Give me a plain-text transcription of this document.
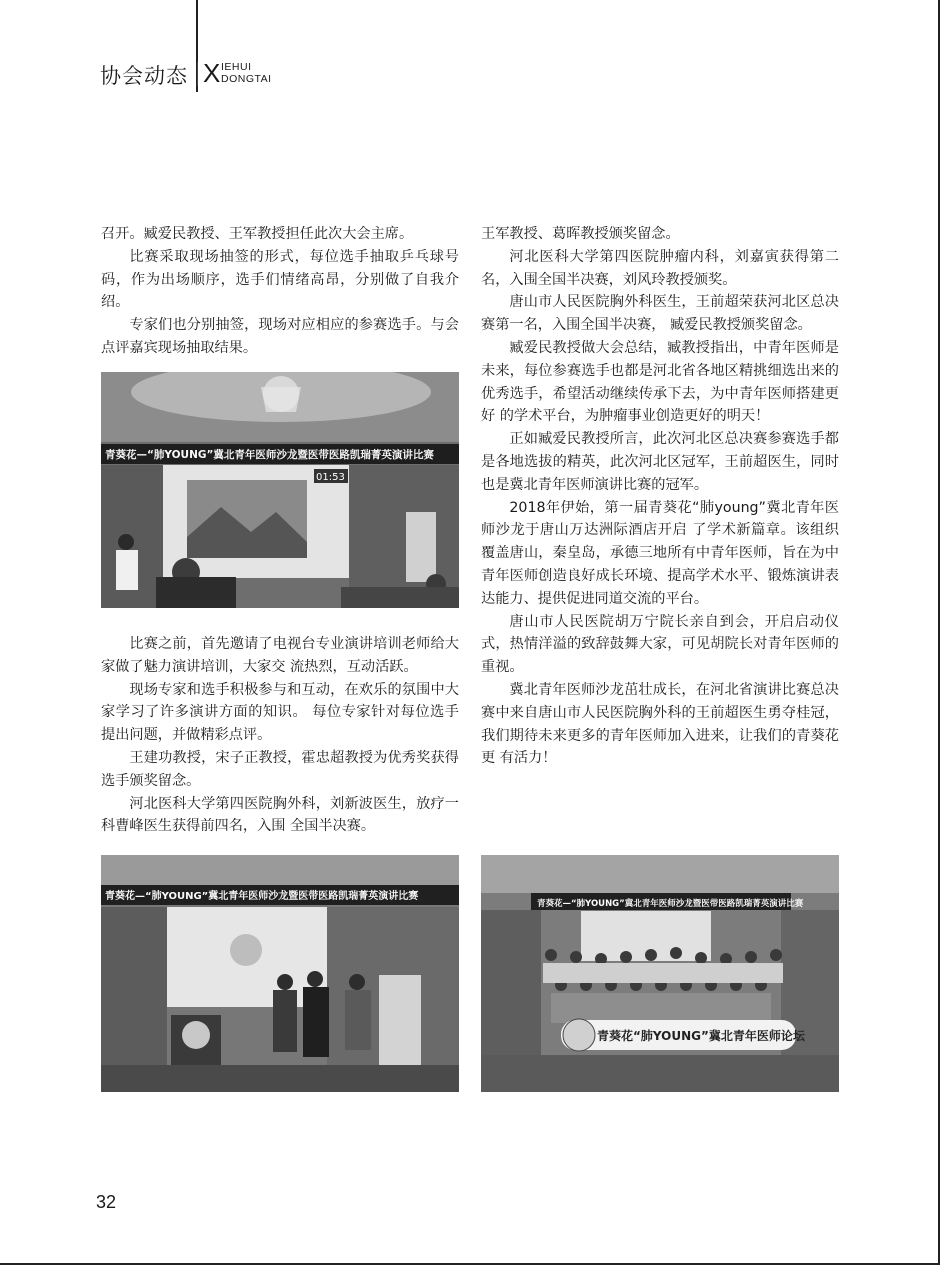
协会动态 X IEHUI
DONGTAI

召开。臧爱民教授、王军教授担任此次大会主席。

比赛采取现场抽签的形式，每位选手抽取乒乓球号码，作为出场顺序，选手们情绪高昂，分别做了自我介绍。

专家们也分别抽签，现场对应相应的参赛选手。与会点评嘉宾现场抽取结果。

青葵花—“肺YOUNG”冀北青年医师沙龙暨医带医路凯瑞菁英演讲比赛
01:53

比赛之前，首先邀请了电视台专业演讲培训老师给大家做了魅力演讲培训，大家交 流热烈，互动活跃。

现场专家和选手积极参与和互动，在欢乐的氛围中大家学习了许多演讲方面的知识。 每位专家针对每位选手提出问题，并做精彩点评。

王建功教授，宋子正教授，霍忠超教授为优秀奖获得选手颁奖留念。

河北医科大学第四医院胸外科，刘新波医生，放疗一科曹峰医生获得前四名，入围 全国半决赛。

王军教授、葛晖教授颁奖留念。

河北医科大学第四医院肿瘤内科，刘嘉寅获得第二名，入围全国半决赛，刘风玲教授颁奖。

唐山市人民医院胸外科医生，王前超荣获河北区总决赛第一名，入围全国半决赛， 臧爱民教授颁奖留念。

臧爱民教授做大会总结，臧教授指出，中青年医师是未来，每位参赛选手也都是河北省各地区精挑细选出来的优秀选手，希望活动继续传承下去，为中青年医师搭建更好 的学术平台，为肿瘤事业创造更好的明天！

正如臧爱民教授所言，此次河北区总决赛参赛选手都是各地选拔的精英，此次河北区冠军，王前超医生，同时也是冀北青年医师演讲比赛的冠军。

2018年伊始，第一届青葵花“肺young”冀北青年医师沙龙于唐山万达洲际酒店开启 了学术新篇章。该组织覆盖唐山，秦皇岛，承德三地所有中青年医师，旨在为中青年医师创造良好成长环境、提高学术水平、锻炼演讲表达能力、提供促进同道交流的平台。

唐山市人民医院胡万宁院长亲自到会，开启启动仪式，热情洋溢的致辞鼓舞大家，可见胡院长对青年医师的重视。

冀北青年医师沙龙茁壮成长，在河北省演讲比赛总决赛中来自唐山市人民医院胸外科的王前超医生勇夺桂冠，我们期待未来更多的青年医师加入进来，让我们的青葵花更 有活力！

青葵花—“肺YOUNG”冀北青年医师沙龙暨医带医路凯瑞菁英演讲比赛
青葵花—“肺YOUNG”冀北青年医师沙龙暨医带医路凯瑞菁英演讲比赛
青葵花“肺YOUNG”冀北青年医师论坛
32
